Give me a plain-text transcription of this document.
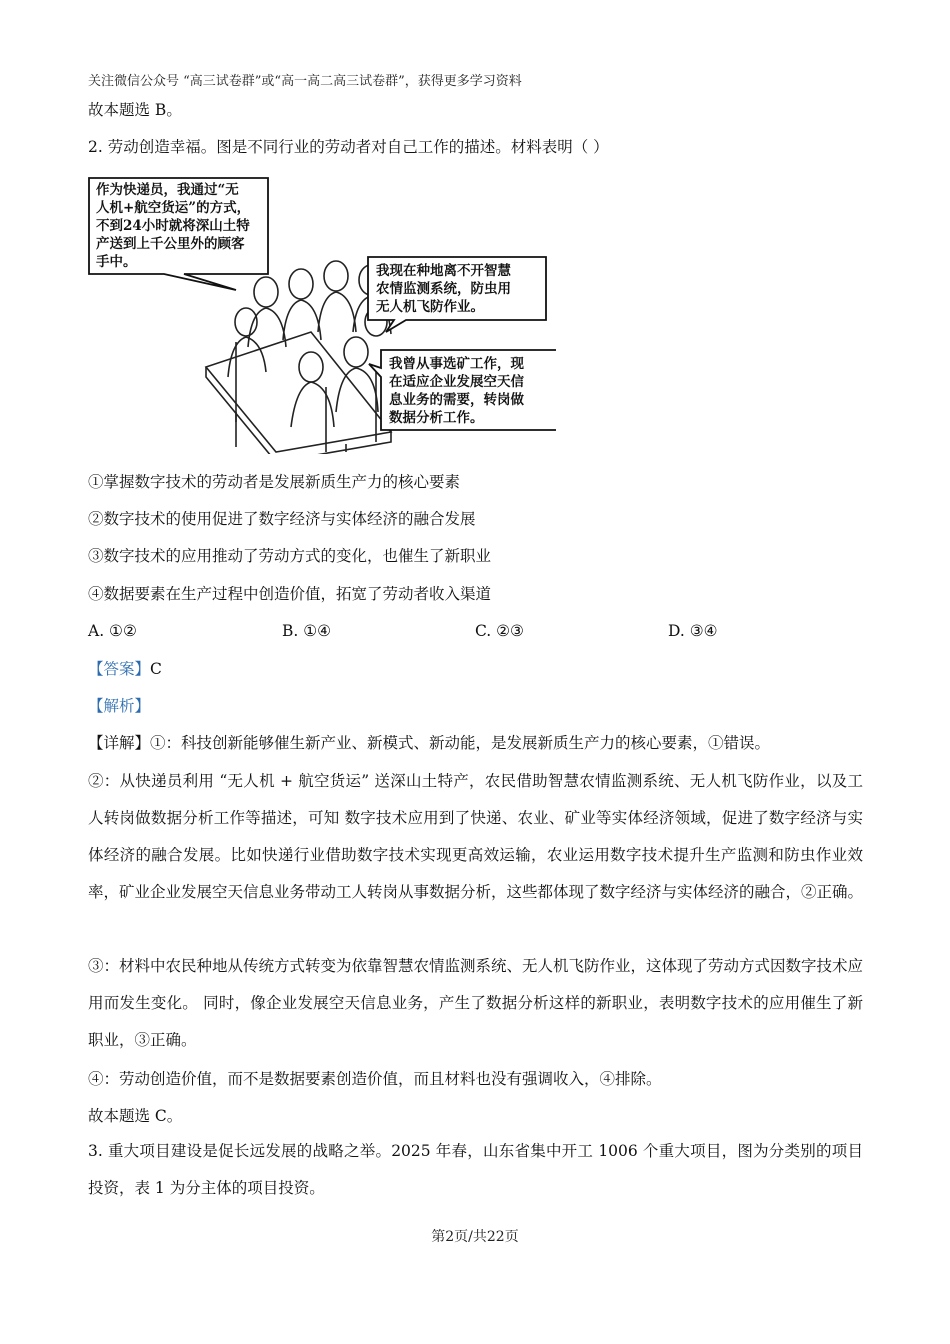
关注微信公众号 “高三试卷群”或“高一高二高三试卷群”，获得更多学习资料
故本题选 B。
2. 劳动创造幸福。图是不同行业的劳动者对自己工作的描述。材料表明（ ）
作为快递员，我通过“无
人机+航空货运”的方式，
不到24小时就将深山土特
产送到上千公里外的顾客
手中。
我现在种地离不开智慧
农情监测系统，防虫用
无人机飞防作业。
我曾从事选矿工作，现
在适应企业发展空天信
息业务的需要，转岗做
数据分析工作。
①掌握数字技术的劳动者是发展新质生产力的核心要素
②数字技术的使用促进了数字经济与实体经济的融合发展
③数字技术的应用推动了劳动方式的变化，也催生了新职业
④数据要素在生产过程中创造价值，拓宽了劳动者收入渠道
A. ①②	B. ①④	C. ②③	D. ③④
【答案】C
【解析】
【详解】①：科技创新能够催生新产业、新模式、新动能，是发展新质生产力的核心要素，①错误。
②：从快递员利用 “无人机 + 航空货运” 送深山土特产，农民借助智慧农情监测系统、无人机飞防作业，以及工人转岗做数据分析工作等描述，可知 数字技术应用到了快递、农业、矿业等实体经济领域，促进了数字经济与实体经济的融合发展。比如快递行业借助数字技术实现更高效运输，农业运用数字技术提升生产监测和防虫作业效率，矿业企业发展空天信息业务带动工人转岗从事数据分析，这些都体现了数字经济与实体经济的融合，②正确。
③：材料中农民种地从传统方式转变为依靠智慧农情监测系统、无人机飞防作业，这体现了劳动方式因数字技术应用而发生变化。 同时，像企业发展空天信息业务，产生了数据分析这样的新职业，表明数字技术的应用催生了新职业，③正确。
④：劳动创造价值，而不是数据要素创造价值，而且材料也没有强调收入，④排除。
故本题选 C。
3. 重大项目建设是促长远发展的战略之举。2025 年春，山东省集中开工 1006 个重大项目，图为分类别的项目投资，表 1 为分主体的项目投资。
第2页/共22页
